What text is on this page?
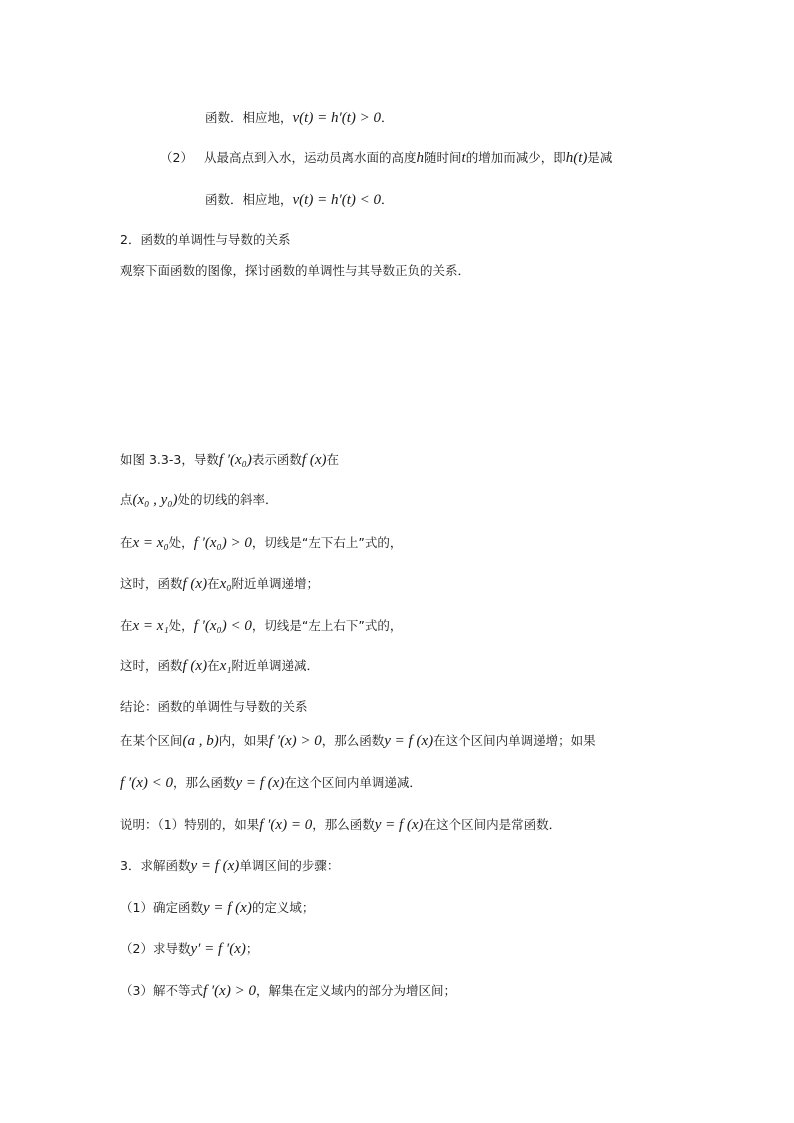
函数．相应地，v(t) = h′(t) > 0．
（2） 从最高点到入水，运动员离水面的高度h随时间t的增加而减少，即h(t)是减
函数．相应地，v(t) = h′(t) < 0．
2．函数的单调性与导数的关系
观察下面函数的图像，探讨函数的单调性与其导数正负的关系．
如图 3.3-3，导数f ′(x₀)表示函数f (x)在
点(x₀ , y₀)处的切线的斜率．
在x = x₀处，f ′(x₀) > 0，切线是“左下右上”式的，
这时，函数f (x)在x₀附近单调递增；
在x = x₁处，f ′(x₀) < 0，切线是“左上右下”式的，
这时，函数f (x)在x₁附近单调递减．
结论：函数的单调性与导数的关系
在某个区间(a , b)内，如果f ′(x) > 0，那么函数y = f (x)在这个区间内单调递增；如果
f ′(x) < 0，那么函数y = f (x)在这个区间内单调递减．
说明：（1）特别的，如果f ′(x) = 0，那么函数y = f (x)在这个区间内是常函数．
3．求解函数y = f (x)单调区间的步骤：
（1）确定函数y = f (x)的定义域；
（2）求导数y′ = f ′(x)；
（3）解不等式f ′(x) > 0，解集在定义域内的部分为增区间；
